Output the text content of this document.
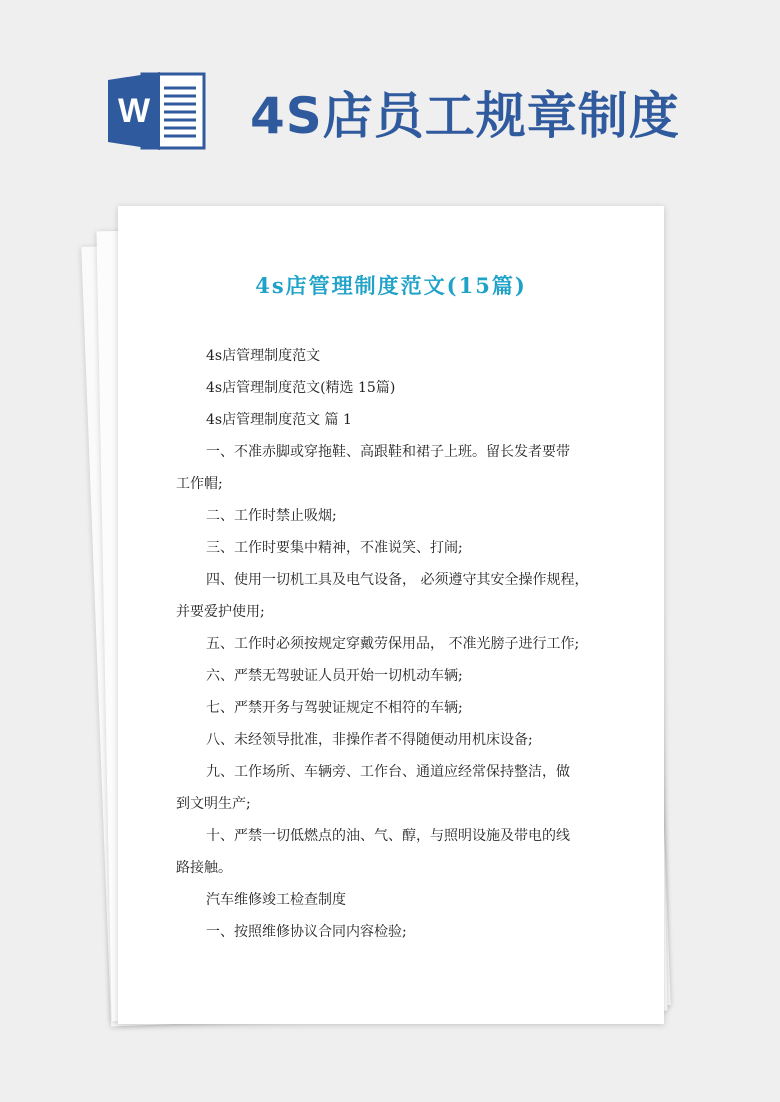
W 4S店员工规章制度
4s店管理制度范文(15篇)
4s店管理制度范文
4s店管理制度范文(精选 15篇)
4s店管理制度范文 篇 1
一、不准赤脚或穿拖鞋、高跟鞋和裙子上班。留长发者要带
工作帽;
二、工作时禁止吸烟;
三、工作时要集中精神，不准说笑、打闹;
四、使用一切机工具及电气设备， 必须遵守其安全操作规程，
并要爱护使用;
五、工作时必须按规定穿戴劳保用品， 不准光膀子进行工作;
六、严禁无驾驶证人员开始一切机动车辆;
七、严禁开务与驾驶证规定不相符的车辆;
八、未经领导批准，非操作者不得随便动用机床设备;
九、工作场所、车辆旁、工作台、通道应经常保持整洁，做
到文明生产;
十、严禁一切低燃点的油、气、醇，与照明设施及带电的线
路接触。
汽车维修竣工检查制度
一、按照维修协议合同内容检验;
